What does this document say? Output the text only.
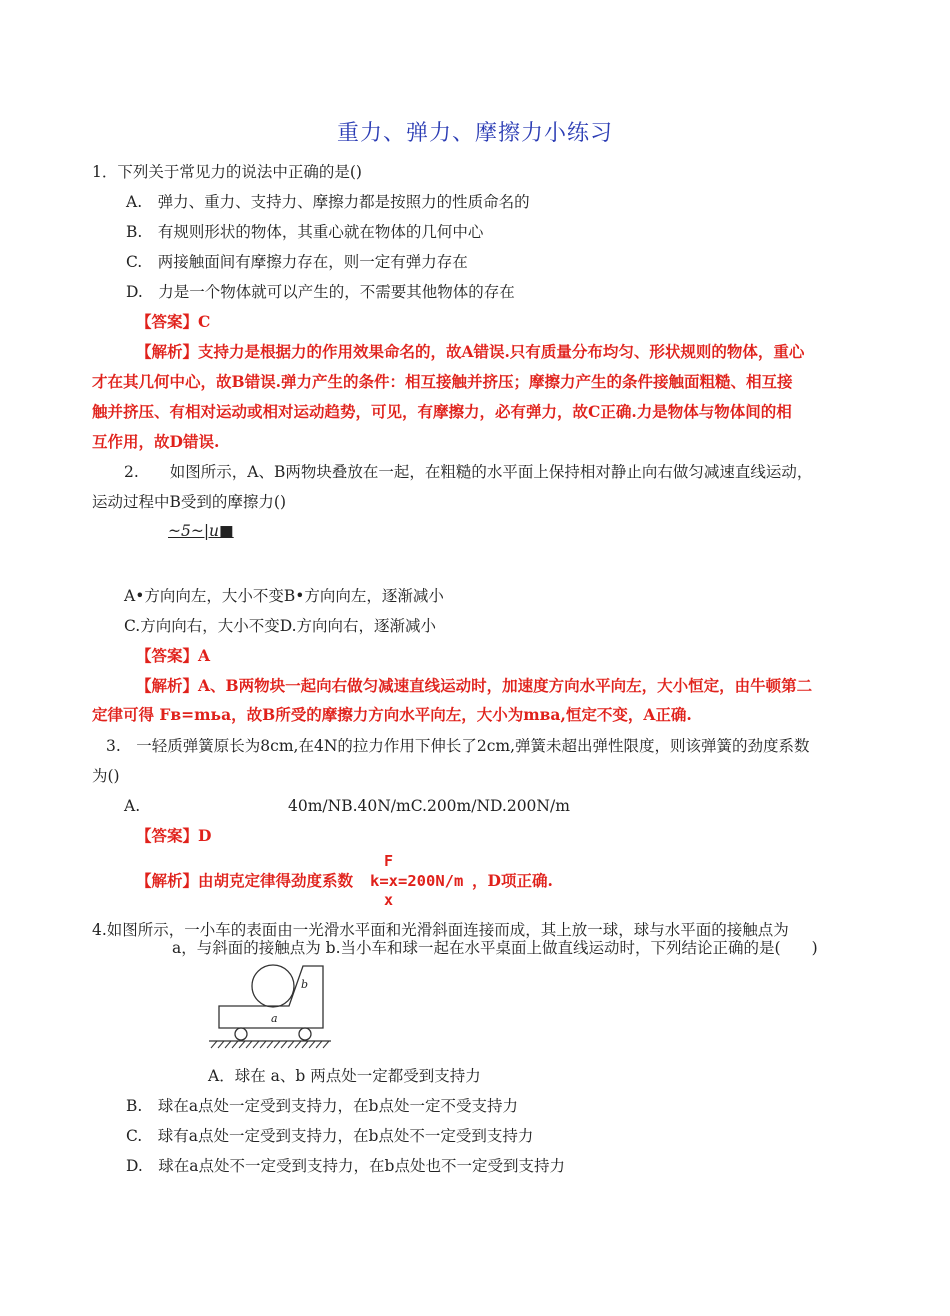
重力、弹力、摩擦力小练习
1．下列关于常见力的说法中正确的是()
A.　弹力、重力、支持力、摩擦力都是按照力的性质命名的
B.　有规则形状的物体，其重心就在物体的几何中心
C.　两接触面间有摩擦力存在，则一定有弹力存在
D.　力是一个物体就可以产生的，不需要其他物体的存在
【答案】C
【解析】支持力是根据力的作用效果命名的，故A错误.只有质量分布均匀、形状规则的物体，重心
才在其几何中心，故B错误.弹力产生的条件：相互接触并挤压；摩擦力产生的条件接触面粗糙、相互接
触并挤压、有相对运动或相对运动趋势，可见，有摩擦力，必有弹力，故C正确.力是物体与物体间的相
互作用，故D错误.
2.　　如图所示，A、B两物块叠放在一起，在粗糙的水平面上保持相对静止向右做匀减速直线运动，
运动过程中B受到的摩擦力()
~5~|u■
A•方向向左，大小不变B•方向向左，逐渐减小
C.方向向右，大小不变D.方向向右，逐渐减小
【答案】A
【解析】A、B两物块一起向右做匀减速直线运动时，加速度方向水平向左，大小恒定，由牛顿第二
定律可得 Fв=mьa，故B所受的摩擦力方向水平向左，大小为mвa,恒定不变，A正确.
3.　一轻质弹簧原长为8cm,在4N的拉力作用下伸长了2cm,弹簧未超出弹性限度，则该弹簧的劲度系数
为()
A.	40m/NB.40N/mC.200m/ND.200N/m
【答案】D
F
【解析】由胡克定律得劲度系数 k=x=200N/m ，D项正确.
x
4.如图所示，一小车的表面由一光滑水平面和光滑斜面连接而成，其上放一球，球与水平面的接触点为
a，与斜面的接触点为 b.当小车和球一起在水平桌面上做直线运动时，下列结论正确的是(　　)
a
b
A．球在 a、b 两点处一定都受到支持力
B.　球在a点处一定受到支持力，在b点处一定不受支持力
C.　球有a点处一定受到支持力，在b点处不一定受到支持力
D.　球在a点处不一定受到支持力，在b点处也不一定受到支持力
